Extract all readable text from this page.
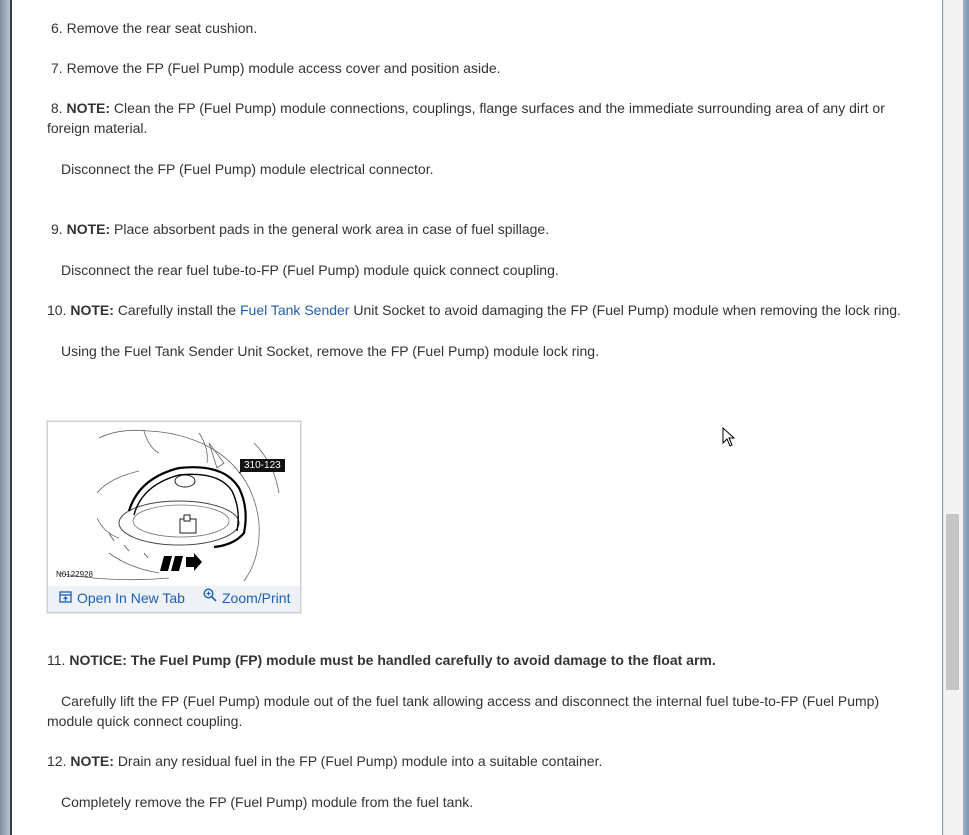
6. Remove the rear seat cushion.
7. Remove the FP (Fuel Pump) module access cover and position aside.
8. NOTE: Clean the FP (Fuel Pump) module connections, couplings, flange surfaces and the immediate surrounding area of any dirt or foreign material.
Disconnect the FP (Fuel Pump) module electrical connector.
9. NOTE: Place absorbent pads in the general work area in case of fuel spillage.
Disconnect the rear fuel tube-to-FP (Fuel Pump) module quick connect coupling.
10. NOTE: Carefully install the Fuel Tank Sender Unit Socket to avoid damaging the FP (Fuel Pump) module when removing the lock ring.
Using the Fuel Tank Sender Unit Socket, remove the FP (Fuel Pump) module lock ring.
310-123
N0122928
Open In New Tab	Zoom/Print
11. NOTICE: The Fuel Pump (FP) module must be handled carefully to avoid damage to the float arm.
Carefully lift the FP (Fuel Pump) module out of the fuel tank allowing access and disconnect the internal fuel tube-to-FP (Fuel Pump) module quick connect coupling.
12. NOTE: Drain any residual fuel in the FP (Fuel Pump) module into a suitable container.
Completely remove the FP (Fuel Pump) module from the fuel tank.
